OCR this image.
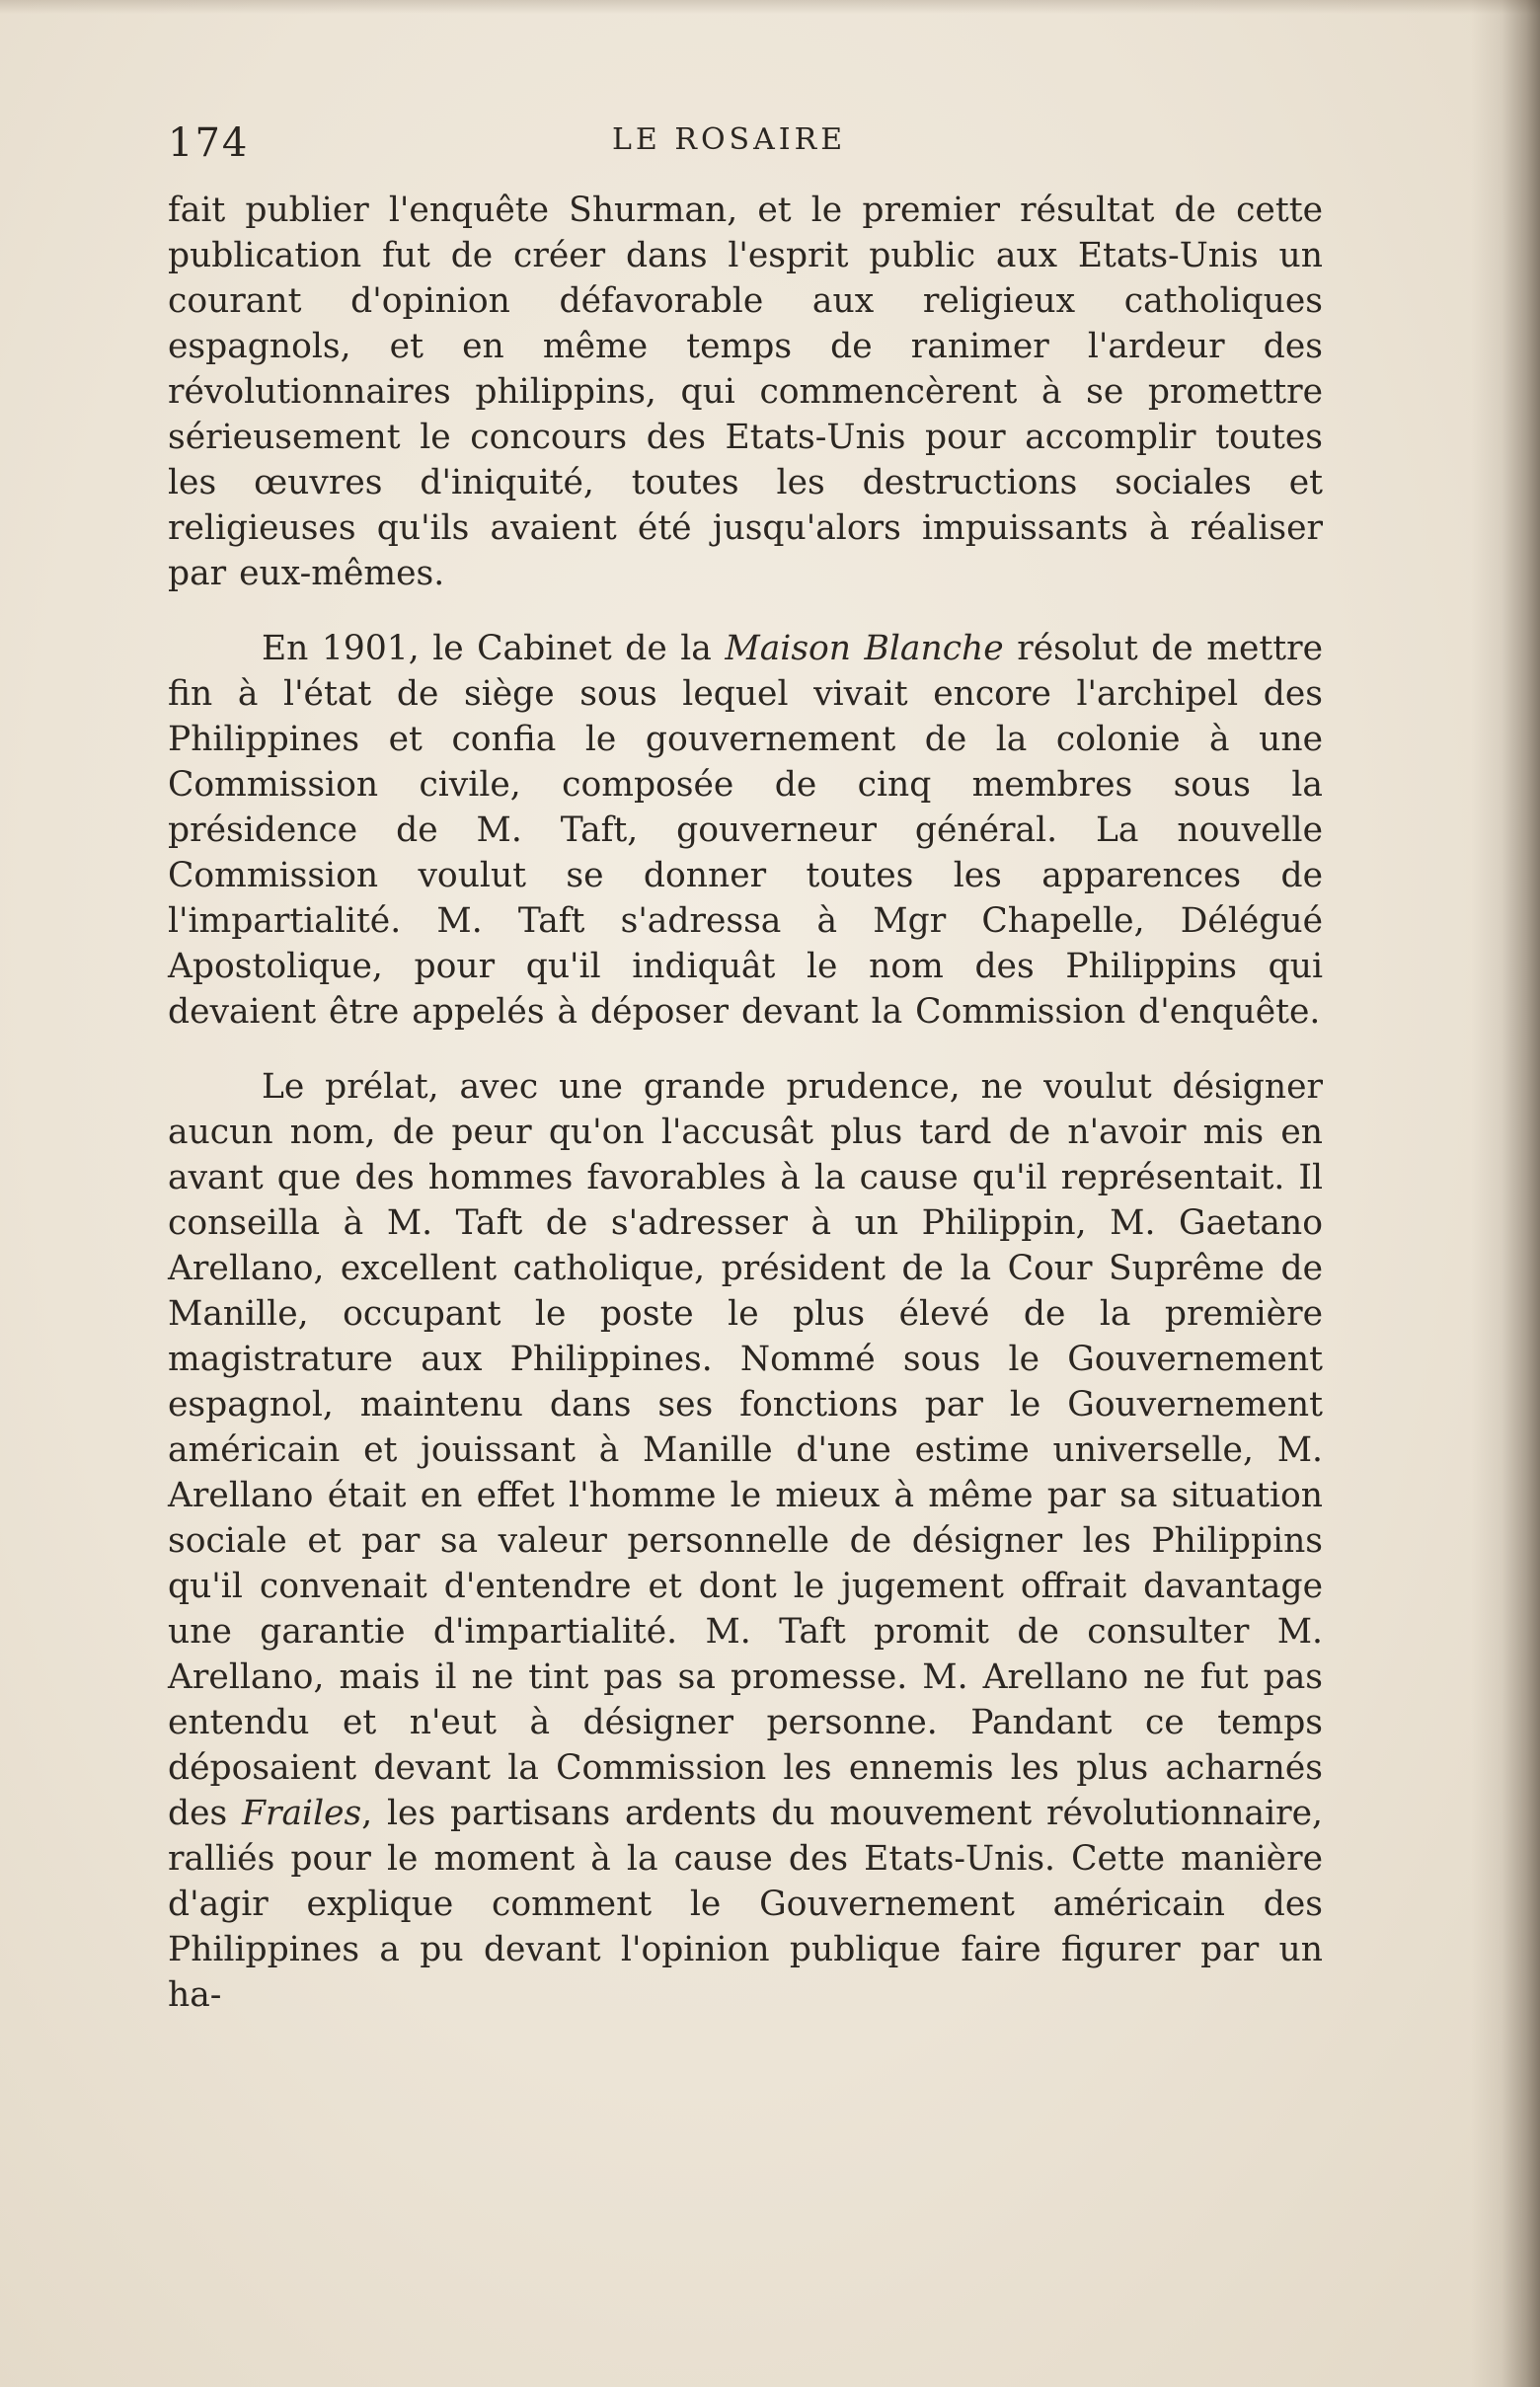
174	LE ROSAIRE

fait publier l'enquête Shurman, et le premier résultat de cette publication fut de créer dans l'esprit public aux Etats-Unis un courant d'opinion défavorable aux religieux catholiques espagnols, et en même temps de ranimer l'ardeur des révolutionnaires philippins, qui commencèrent à se promettre sérieusement le concours des Etats-Unis pour accomplir toutes les œuvres d'iniquité, toutes les destructions sociales et religieuses qu'ils avaient été jusqu'alors impuissants à réaliser par eux-mêmes.

En 1901, le Cabinet de la Maison Blanche résolut de mettre fin à l'état de siège sous lequel vivait encore l'archipel des Philippines et confia le gouvernement de la colonie à une Commission civile, composée de cinq membres sous la présidence de M. Taft, gouverneur général. La nouvelle Commission voulut se donner toutes les apparences de l'impartialité. M. Taft s'adressa à Mgr Chapelle, Délégué Apostolique, pour qu'il indiquât le nom des Philippins qui devaient être appelés à déposer devant la Commission d'enquête.

Le prélat, avec une grande prudence, ne voulut désigner aucun nom, de peur qu'on l'accusât plus tard de n'avoir mis en avant que des hommes favorables à la cause qu'il représentait. Il conseilla à M. Taft de s'adresser à un Philippin, M. Gaetano Arellano, excellent catholique, président de la Cour Suprême de Manille, occupant le poste le plus élevé de la première magistrature aux Philippines. Nommé sous le Gouvernement espagnol, maintenu dans ses fonctions par le Gouvernement américain et jouissant à Manille d'une estime universelle, M. Arellano était en effet l'homme le mieux à même par sa situation sociale et par sa valeur personnelle de désigner les Philippins qu'il convenait d'entendre et dont le jugement offrait davantage une garantie d'impartialité. M. Taft promit de consulter M. Arellano, mais il ne tint pas sa promesse. M. Arellano ne fut pas entendu et n'eut à désigner personne. Pandant ce temps déposaient devant la Commission les ennemis les plus acharnés des Frailes, les partisans ardents du mouvement révolutionnaire, ralliés pour le moment à la cause des Etats-Unis. Cette manière d'agir explique comment le Gouvernement américain des Philippines a pu devant l'opinion publique faire figurer par un ha-
